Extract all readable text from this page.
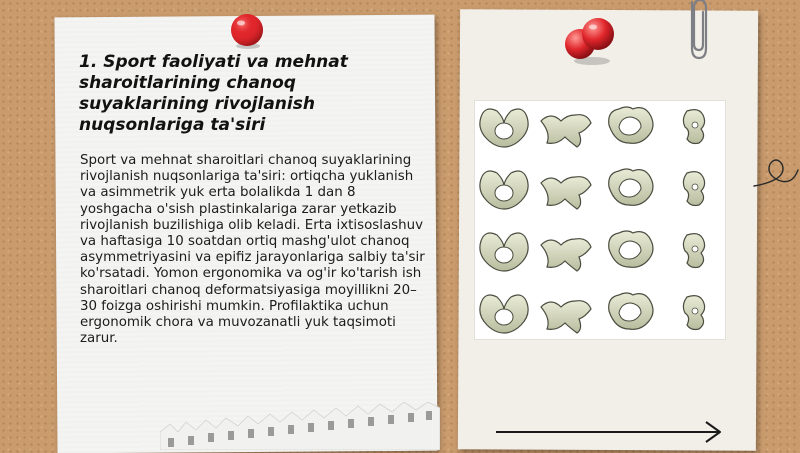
1. Sport faoliyati va mehnat sharoitlarining chanoq suyaklarining rivojlanish nuqsonlariga ta'siri

Sport va mehnat sharoitlari chanoq suyaklarining rivojlanish nuqsonlariga ta'siri: ortiqcha yuklanish va asimmetrik yuk erta bolalikda 1 dan 8 yoshgacha o'sish plastinkalariga zarar yetkazib rivojlanish buzilishiga olib keladi. Erta ixtisoslashuv va haftasiga 10 soatdan ortiq mashg'ulot chanoq asymmetriyasini va epifiz jarayonlariga salbiy ta'sir ko'rsatadi. Yomon ergonomika va og'ir ko'tarish ish sharoitlari chanoq deformatsiyasiga moyillikni 20–30 foizga oshirishi mumkin. Profilaktika uchun ergonomik chora va muvozanatli yuk taqsimoti zarur.
